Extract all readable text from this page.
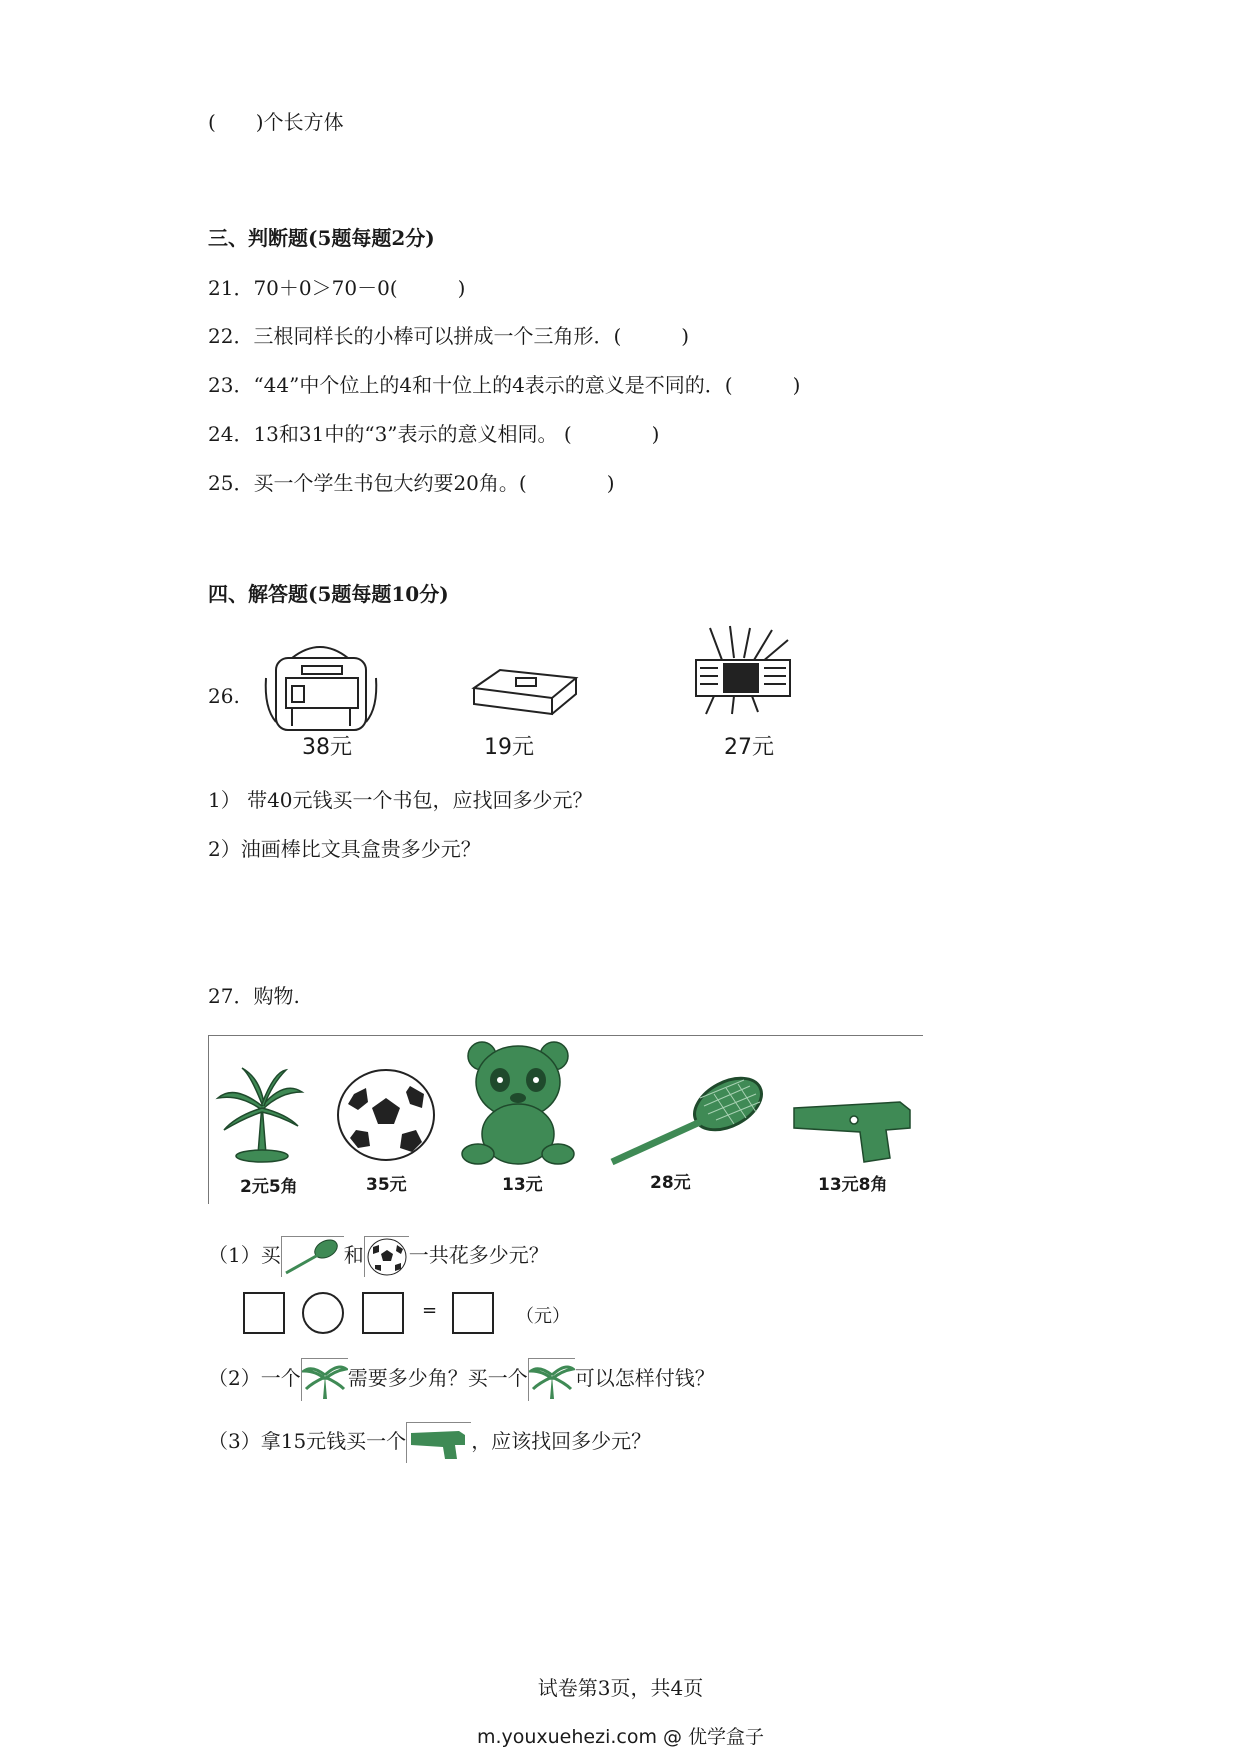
(　　)个长方体
三、判断题(5题每题2分)
21．70＋0＞70－0(　　　)
22．三根同样长的小棒可以拼成一个三角形．(　　　)
23．“44”中个位上的4和十位上的4表示的意义是不同的．(　　　)
24．13和31中的“3”表示的意义相同。 (　　　　)
25．买一个学生书包大约要20角。(　　　　)
四、解答题(5题每题10分)
26.
38元	19元	27元
1） 带40元钱买一个书包，应找回多少元？
2）油画棒比文具盒贵多少元？
27．购物.
2元5角	35元	13元	28元	13元8角
（1）买	和 一共花多少元？
=	（元）
（2）一个 需要多少角？买一个 可以怎样付钱？
（3）拿15元钱买一个	，应该找回多少元？
试卷第3页，共4页
m.youxuehezi.com @ 优学盒子
